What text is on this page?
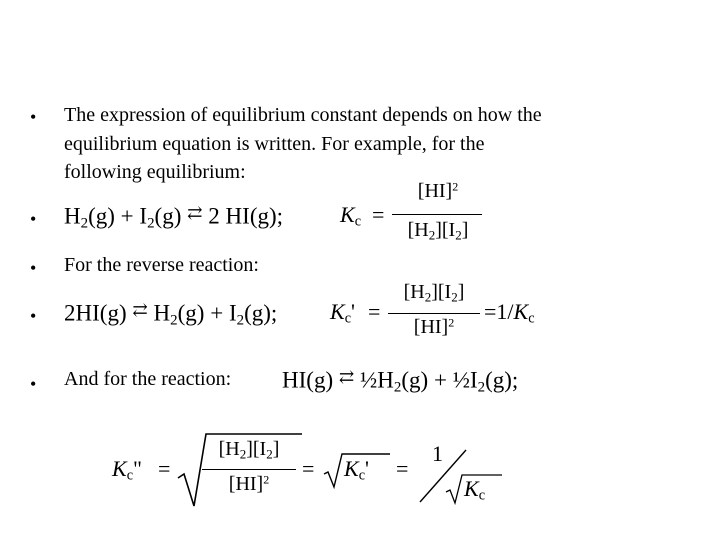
• The expression of equilibrium constant depends on how the
equilibrium equation is written. For example, for the
following equilibrium:
• $H_2(g) + I_2(g)$ ⇄ 2 HI(g);	$K_c$ =
[HI]$^2$
$[H_2][I_2]$
• For the reverse reaction:
• 2HI(g) ⇄ $H_2(g) + I_2(g)$; $K_c'$ =
$[H_2][I_2]$
[HI]$^2$	$=1/K_c$
• And for the reaction: HI(g) ⇄ $\frac{1}{2}H_2(g)$ + $\frac{1}{2}I_2(g)$;
$K_c$" =
$[H_2][I_2]$
[HI]$^2$	= $K_c'$ =
1
$K_c$
